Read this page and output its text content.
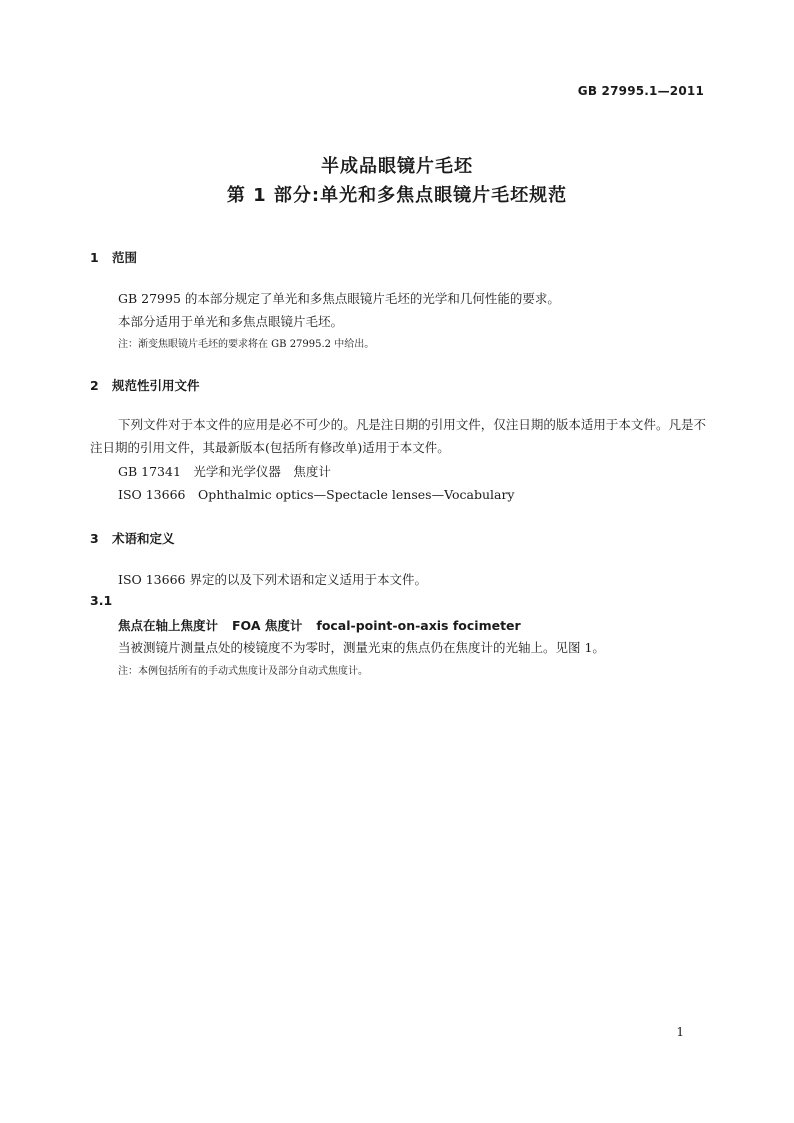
GB 27995.1—2011
半成品眼镜片毛坯
第 1 部分:单光和多焦点眼镜片毛坯规范
1 范围
GB 27995 的本部分规定了单光和多焦点眼镜片毛坯的光学和几何性能的要求。
本部分适用于单光和多焦点眼镜片毛坯。
注：渐变焦眼镜片毛坯的要求将在 GB 27995.2 中给出。
2 规范性引用文件
下列文件对于本文件的应用是必不可少的。凡是注日期的引用文件，仅注日期的版本适用于本文件。凡是不注日期的引用文件，其最新版本(包括所有修改单)适用于本文件。
GB 17341　光学和光学仪器　焦度计
ISO 13666　Ophthalmic optics—Spectacle lenses—Vocabulary
3 术语和定义
ISO 13666 界定的以及下列术语和定义适用于本文件。
3.1
焦点在轴上焦度计 FOA 焦度计 focal-point-on-axis focimeter
当被测镜片测量点处的棱镜度不为零时，测量光束的焦点仍在焦度计的光轴上。见图 1。
注：本例包括所有的手动式焦度计及部分自动式焦度计。
1
